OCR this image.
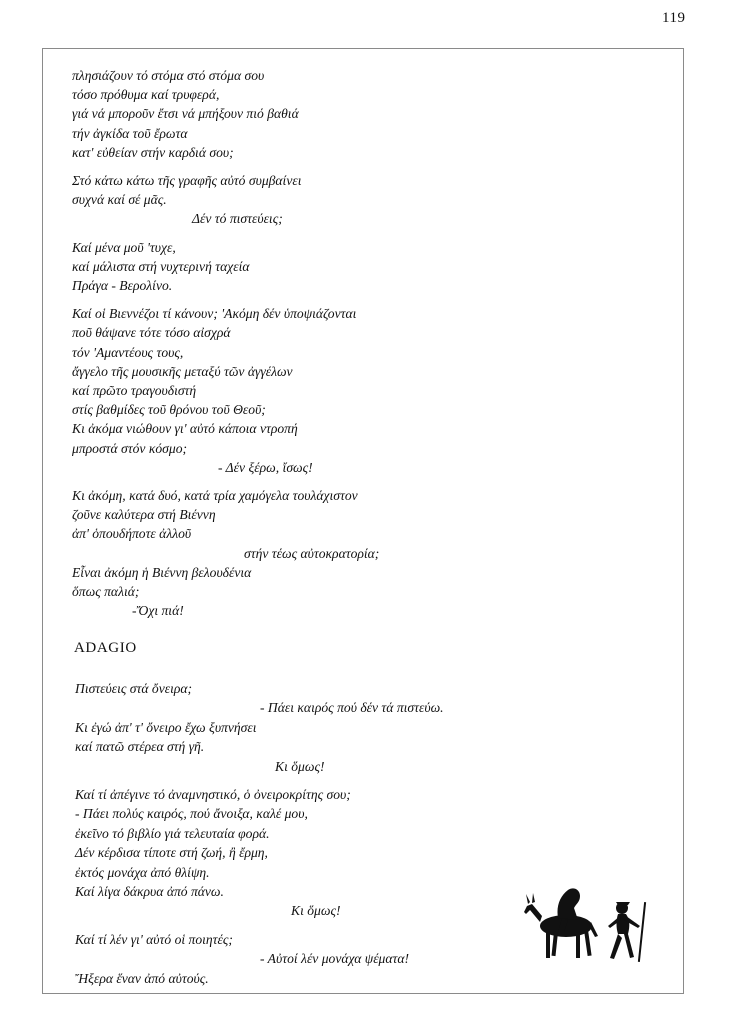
119
πλησιάζουν τό στόμα στό στόμα σου
τόσο πρόθυμα καί τρυφερά,
γιά νά μποροῦν ἔτσι νά μπήξουν πιό βαθιά
τήν ἀγκίδα τοῦ ἔρωτα
κατ' εὐθείαν στήν καρδιά σου;
Στό κάτω κάτω τῆς γραφῆς αὐτό συμβαίνει
συχνά καί σέ μᾶς.
Δέν τό πιστεύεις;
Καί μένα μοῦ 'τυχε,
καί μάλιστα στή νυχτερινή ταχεία
Πράγα - Βερολίνο.
Καί οἱ Βιεννέζοι τί κάνουν; 'Ακόμη δέν ὑποψιάζονται
ποῦ θάψανε τότε τόσο αἰσχρά
τόν 'Αμαντέους τους,
ἄγγελο τῆς μουσικῆς μεταξύ τῶν ἀγγέλων
καί πρῶτο τραγουδιστή
στίς βαθμίδες τοῦ θρόνου τοῦ Θεοῦ;
Κι ἀκόμα νιώθουν γι' αὐτό κάποια ντροπή
μπροστά στόν κόσμο;
- Δέν ξέρω, ἴσως!
Κι ἀκόμη, κατά δυό, κατά τρία χαμόγελα τουλάχιστον
ζοῦνε καλύτερα στή Βιέννη
ἀπ' ὁπουδήποτε ἀλλοῦ
στήν τέως αὐτοκρατορία;
Εἶναι ἀκόμη ἡ Βιέννη βελουδένια
ὅπως παλιά;
-Ὄχι πιά!
ADAGIO
Πιστεύεις στά ὄνειρα;
- Πάει καιρός πού δέν τά πιστεύω.
Κι ἐγώ ἀπ' τ' ὄνειρο ἔχω ξυπνήσει
καί πατῶ στέρεα στή γῆ.
Κι ὅμως!
Καί τί ἀπέγινε τό ἀναμνηστικό, ὁ ὀνειροκρίτης σου;
- Πάει πολύς καιρός, πού ἄνοιξα, καλέ μου,
ἐκεῖνο τό βιβλίο γιά τελευταία φορά.
Δέν κέρδισα τίποτε στή ζωή, ἢ ἔρμη,
ἐκτός μονάχα ἀπό θλίψη.
Καί λίγα δάκρυα ἀπό πάνω.
Κι ὅμως!
Καί τί λέν γι' αὐτό οἱ ποιητές;
- Αὐτοί λέν μονάχα ψέματα!
Ἤξερα ἕναν ἀπό αὐτούς.
